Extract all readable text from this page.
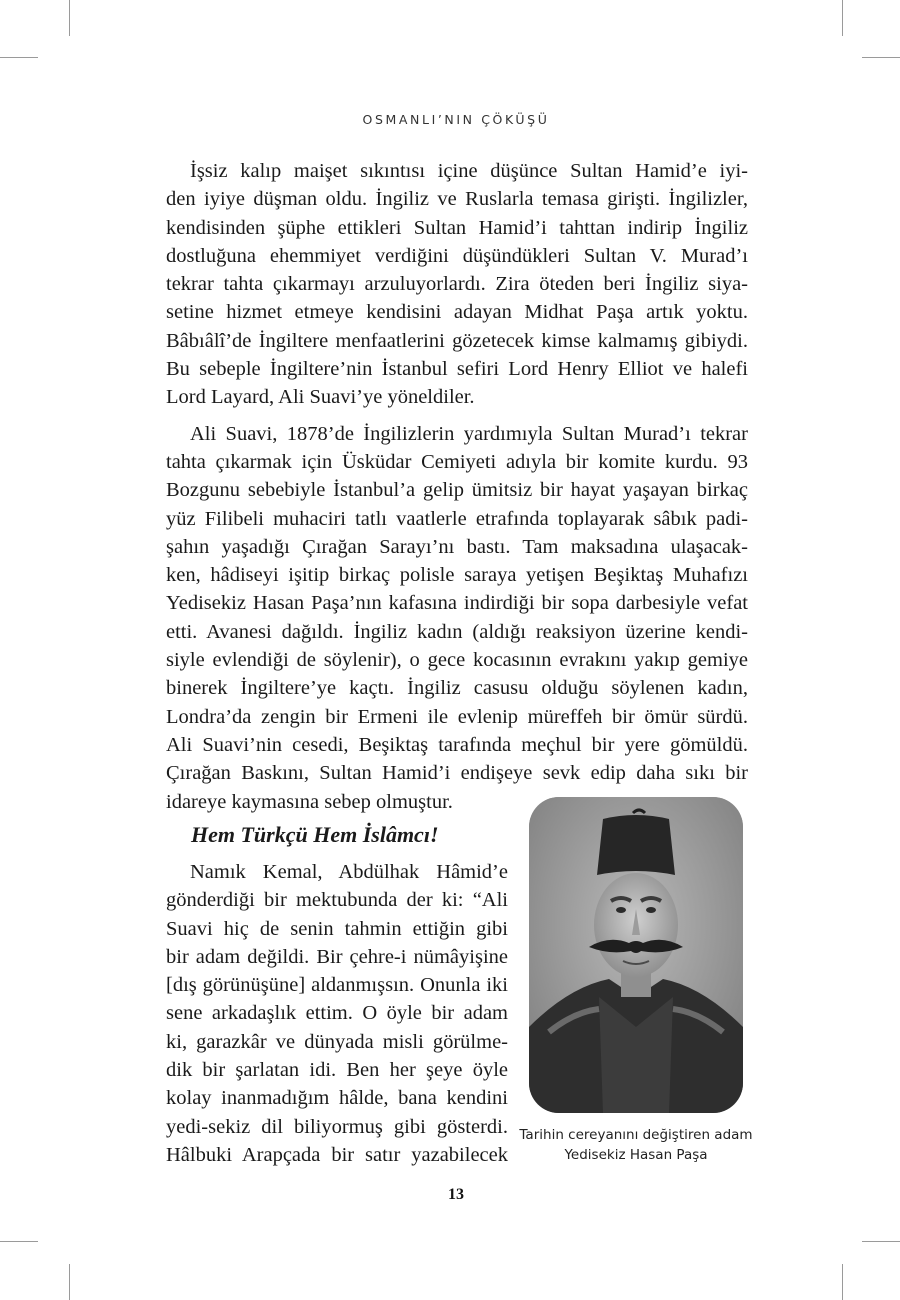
OSMANLI’NIN ÇÖKÜŞÜ
İşsiz kalıp maişet sıkıntısı içine düşünce Sultan Hamid’e iyi-
den iyiye düşman oldu. İngiliz ve Ruslarla temasa girişti. İngilizler,
kendisinden şüphe ettikleri Sultan Hamid’i tahttan indirip İngiliz
dostluğuna ehemmiyet verdiğini düşündükleri Sultan V. Murad’ı
tekrar tahta çıkarmayı arzuluyorlardı. Zira öteden beri İngiliz siya-
setine hizmet etmeye kendisini adayan Midhat Paşa artık yoktu.
Bâbıâlî’de İngiltere menfaatlerini gözetecek kimse kalmamış gibiydi.
Bu sebeple İngiltere’nin İstanbul sefiri Lord Henry Elliot ve halefi
Lord Layard, Ali Suavi’ye yöneldiler.
Ali Suavi, 1878’de İngilizlerin yardımıyla Sultan Murad’ı tekrar
tahta çıkarmak için Üsküdar Cemiyeti adıyla bir komite kurdu. 93
Bozgunu sebebiyle İstanbul’a gelip ümitsiz bir hayat yaşayan birkaç
yüz Filibeli muhaciri tatlı vaatlerle etrafında toplayarak sâbık padi-
şahın yaşadığı Çırağan Sarayı’nı bastı. Tam maksadına ulaşacak-
ken, hâdiseyi işitip birkaç polisle saraya yetişen Beşiktaş Muhafızı
Yedisekiz Hasan Paşa’nın kafasına indirdiği bir sopa darbesiyle vefat
etti. Avanesi dağıldı. İngiliz kadın (aldığı reaksiyon üzerine kendi-
siyle evlendiği de söylenir), o gece kocasının evrakını yakıp gemiye
binerek İngiltere’ye kaçtı. İngiliz casusu olduğu söylenen kadın,
Londra’da zengin bir Ermeni ile evlenip müreffeh bir ömür sürdü.
Ali Suavi’nin cesedi, Beşiktaş tarafında meçhul bir yere gömüldü.
Çırağan Baskını, Sultan Hamid’i endişeye sevk edip daha sıkı bir
idareye kaymasına sebep olmuştur.
Hem Türkçü Hem İslâmcı!
Namık Kemal, Abdülhak Hâmid’e
gönderdiği bir mektubunda der ki: “Ali
Suavi hiç de senin tahmin ettiğin gibi
bir adam değildi. Bir çehre-i nümâyişine
[dış görünüşüne] aldanmışsın. Onunla iki
sene arkadaşlık ettim. O öyle bir adam
ki, garazkâr ve dünyada misli görülme-
dik bir şarlatan idi. Ben her şeye öyle
kolay inanmadığım hâlde, bana kendini
yedi-sekiz dil biliyormuş gibi gösterdi.
Hâlbuki Arapçada bir satır yazabilecek
Tarihin cereyanını değiştiren adam
Yedisekiz Hasan Paşa
13
